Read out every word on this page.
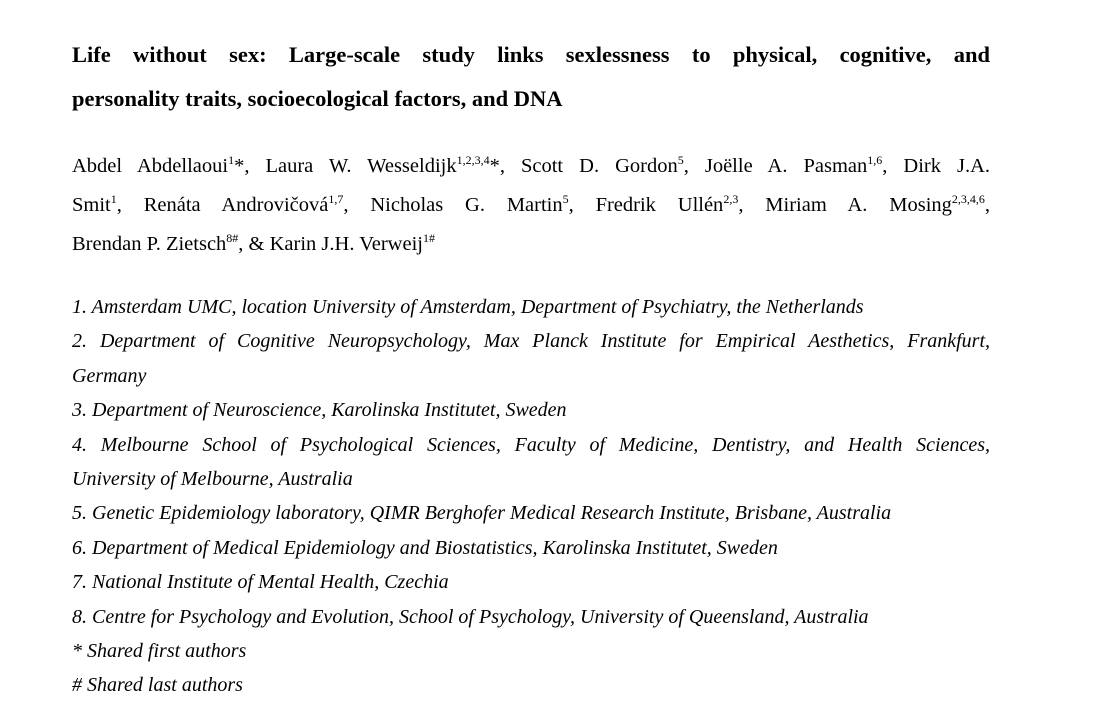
Life without sex: Large-scale study links sexlessness to physical, cognitive, and
personality traits, socioecological factors, and DNA
Abdel Abdellaoui$^1$*, Laura W. Wesseldijk$^{1,2,3,4}$*, Scott D. Gordon$^5$, Joëlle A. Pasman$^{1,6}$, Dirk J.A.
Smit$^1$, Renáta Androvičová$^{1,7}$, Nicholas G. Martin$^5$, Fredrik Ullén$^{2,3}$, Miriam A. Mosing$^{2,3,4,6}$,
Brendan P. Zietsch$^{8\#}$, & Karin J.H. Verweij$^{1\#}$
1. Amsterdam UMC, location University of Amsterdam, Department of Psychiatry, the Netherlands
2. Department of Cognitive Neuropsychology, Max Planck Institute for Empirical Aesthetics, Frankfurt,
Germany
3. Department of Neuroscience, Karolinska Institutet, Sweden
4. Melbourne School of Psychological Sciences, Faculty of Medicine, Dentistry, and Health Sciences,
University of Melbourne, Australia
5. Genetic Epidemiology laboratory, QIMR Berghofer Medical Research Institute, Brisbane, Australia
6. Department of Medical Epidemiology and Biostatistics, Karolinska Institutet, Sweden
7. National Institute of Mental Health, Czechia
8. Centre for Psychology and Evolution, School of Psychology, University of Queensland, Australia
* Shared first authors
# Shared last authors
